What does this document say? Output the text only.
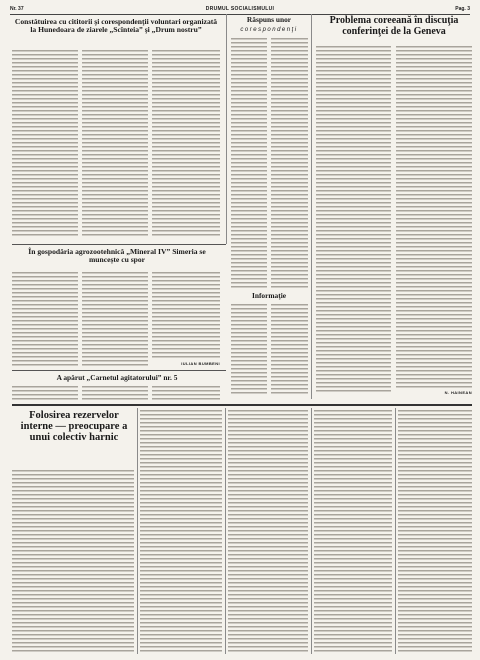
Nr. 37	DRUMUL SOCIALISMULUI	Pag. 3
Constătuirea cu cititorii şi corespondenţii voluntari organizată la Hunedoara de ziarele „Scînteia” şi „Drum nostru”
Răspuns unor

corespondenţi

Informaţie
Problema coreeană în discuţia conferinţei de la Geneva
N. HAINEAN
În gospodăria agrozootehnică „Mineral IV” Simeria se muncește cu spor
IULIAN BUMBENI
A apărut „Carnetul agitatorului” nr. 5
Folosirea rezervelor interne — preocupare a unui colectiv harnic
